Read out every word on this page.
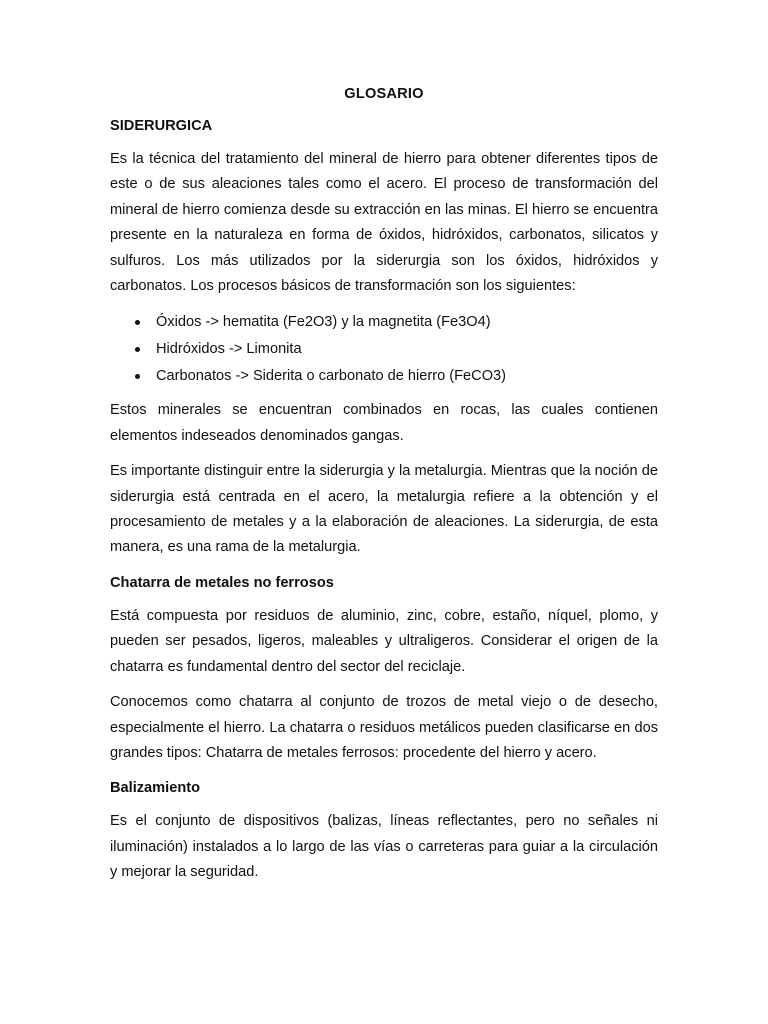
GLOSARIO
SIDERURGICA

Es la técnica del tratamiento del mineral de hierro para obtener diferentes tipos de este o de sus aleaciones tales como el acero. El proceso de transformación del mineral de hierro comienza desde su extracción en las minas. El hierro se encuentra presente en la naturaleza en forma de óxidos, hidróxidos, carbonatos, silicatos y sulfuros. Los más utilizados por la siderurgia son los óxidos, hidróxidos y carbonatos. Los procesos básicos de transformación son los siguientes:

Óxidos -> hematita (Fe2O3) y la magnetita (Fe3O4)
Hidróxidos -> Limonita
Carbonatos -> Siderita o carbonato de hierro (FeCO3)

Estos minerales se encuentran combinados en rocas, las cuales contienen elementos indeseados denominados gangas.

Es importante distinguir entre la siderurgia y la metalurgia. Mientras que la noción de siderurgia está centrada en el acero, la metalurgia refiere a la obtención y el procesamiento de metales y a la elaboración de aleaciones. La siderurgia, de esta manera, es una rama de la metalurgia.

Chatarra de metales no ferrosos

Está compuesta por residuos de aluminio, zinc, cobre, estaño, níquel, plomo, y pueden ser pesados, ligeros, maleables y ultraligeros. Considerar el origen de la chatarra es fundamental dentro del sector del reciclaje.

Conocemos como chatarra al conjunto de trozos de metal viejo o de desecho, especialmente el hierro. La chatarra o residuos metálicos pueden clasificarse en dos grandes tipos: Chatarra de metales ferrosos: procedente del hierro y acero.

Balizamiento

Es el conjunto de dispositivos (balizas, líneas reflectantes, pero no señales ni iluminación) instalados a lo largo de las vías o carreteras para guiar a la circulación y mejorar la seguridad.
